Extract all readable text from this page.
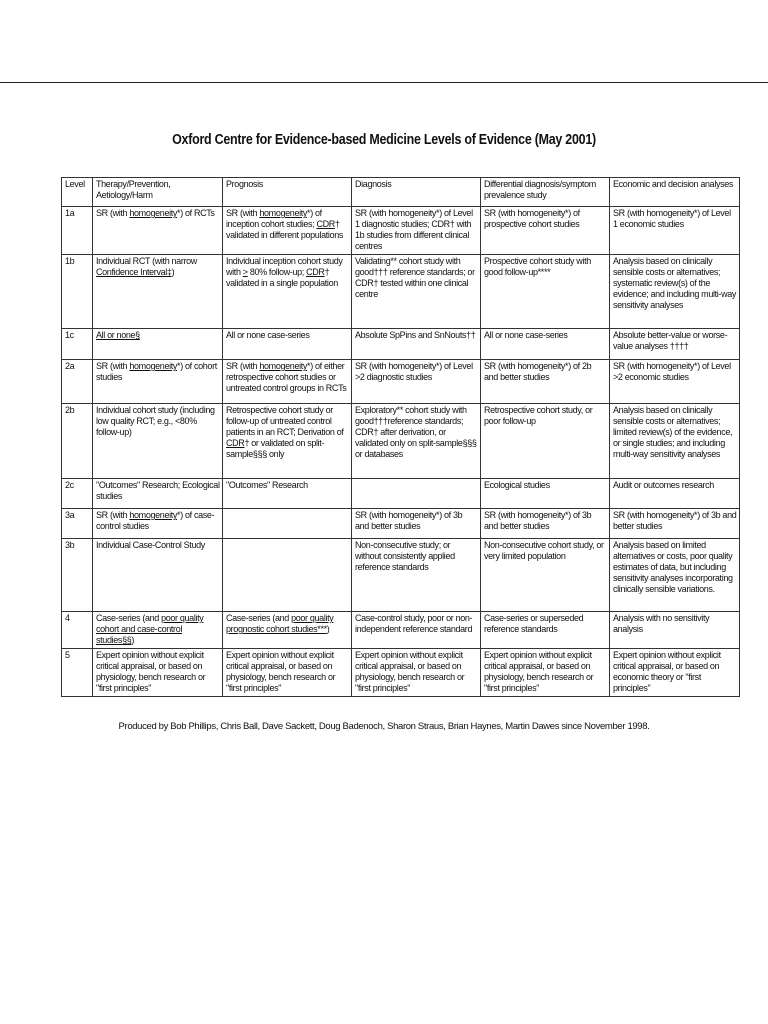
Oxford Centre for Evidence-based Medicine Levels of Evidence (May 2001)
Level	Therapy/Prevention, Aetiology/Harm	Prognosis	Diagnosis	Differential diagnosis/symptom prevalence study	Economic and decision analyses
1a	SR (with homogeneity*) of RCTs	SR (with homogeneity*) of inception cohort studies; CDR† validated in different populations	SR (with homogeneity*) of Level 1 diagnostic studies; CDR† with 1b studies from different clinical centres	SR (with homogeneity*) of prospective cohort studies	SR (with homogeneity*) of Level 1 economic studies
1b	Individual RCT (with narrow Confidence Interval‡)	Individual inception cohort study with > 80% follow-up; CDR† validated in a single population	Validating** cohort study with good††† reference standards; or CDR† tested within one clinical centre	Prospective cohort study with good follow-up****	Analysis based on clinically sensible costs or alternatives; systematic review(s) of the evidence; and including multi-way sensitivity analyses
1c	All or none§	All or none case-series	Absolute SpPins and SnNouts††	All or none case-series	Absolute better-value or worse-value analyses ††††
2a	SR (with homogeneity*) of cohort studies	SR (with homogeneity*) of either retrospective cohort studies or untreated control groups in RCTs	SR (with homogeneity*) of Level >2 diagnostic studies	SR (with homogeneity*) of 2b and better studies	SR (with homogeneity*) of Level >2 economic studies
2b	Individual cohort study (including low quality RCT; e.g., <80% follow-up)	Retrospective cohort study or follow-up of untreated control patients in an RCT; Derivation of CDR† or validated on split-sample§§§ only	Exploratory** cohort study with good†††reference standards; CDR† after derivation, or validated only on split-sample§§§ or databases	Retrospective cohort study, or poor follow-up	Analysis based on clinically sensible costs or alternatives; limited review(s) of the evidence, or single studies; and including multi-way sensitivity analyses
2c	"Outcomes" Research; Ecological studies	"Outcomes" Research		Ecological studies	Audit or outcomes research
3a	SR (with homogeneity*) of case-control studies		SR (with homogeneity*) of 3b and better studies	SR (with homogeneity*) of 3b and better studies	SR (with homogeneity*) of 3b and better studies
3b	Individual Case-Control Study		Non-consecutive study; or without consistently applied reference standards	Non-consecutive cohort study, or very limited population	Analysis based on limited alternatives or costs, poor quality estimates of data, but including sensitivity analyses incorporating clinically sensible variations.
4	Case-series (and poor quality cohort and case-control studies§§)	Case-series (and poor quality prognostic cohort studies***)	Case-control study, poor or non-independent reference standard	Case-series or superseded reference standards	Analysis with no sensitivity analysis
5	Expert opinion without explicit critical appraisal, or based on physiology, bench research or "first principles"	Expert opinion without explicit critical appraisal, or based on physiology, bench research or "first principles"	Expert opinion without explicit critical appraisal, or based on physiology, bench research or "first principles"	Expert opinion without explicit critical appraisal, or based on physiology, bench research or "first principles"	Expert opinion without explicit critical appraisal, or based on economic theory or "first principles"
Produced by Bob Phillips, Chris Ball, Dave Sackett, Doug Badenoch, Sharon Straus, Brian Haynes, Martin Dawes since November 1998.
